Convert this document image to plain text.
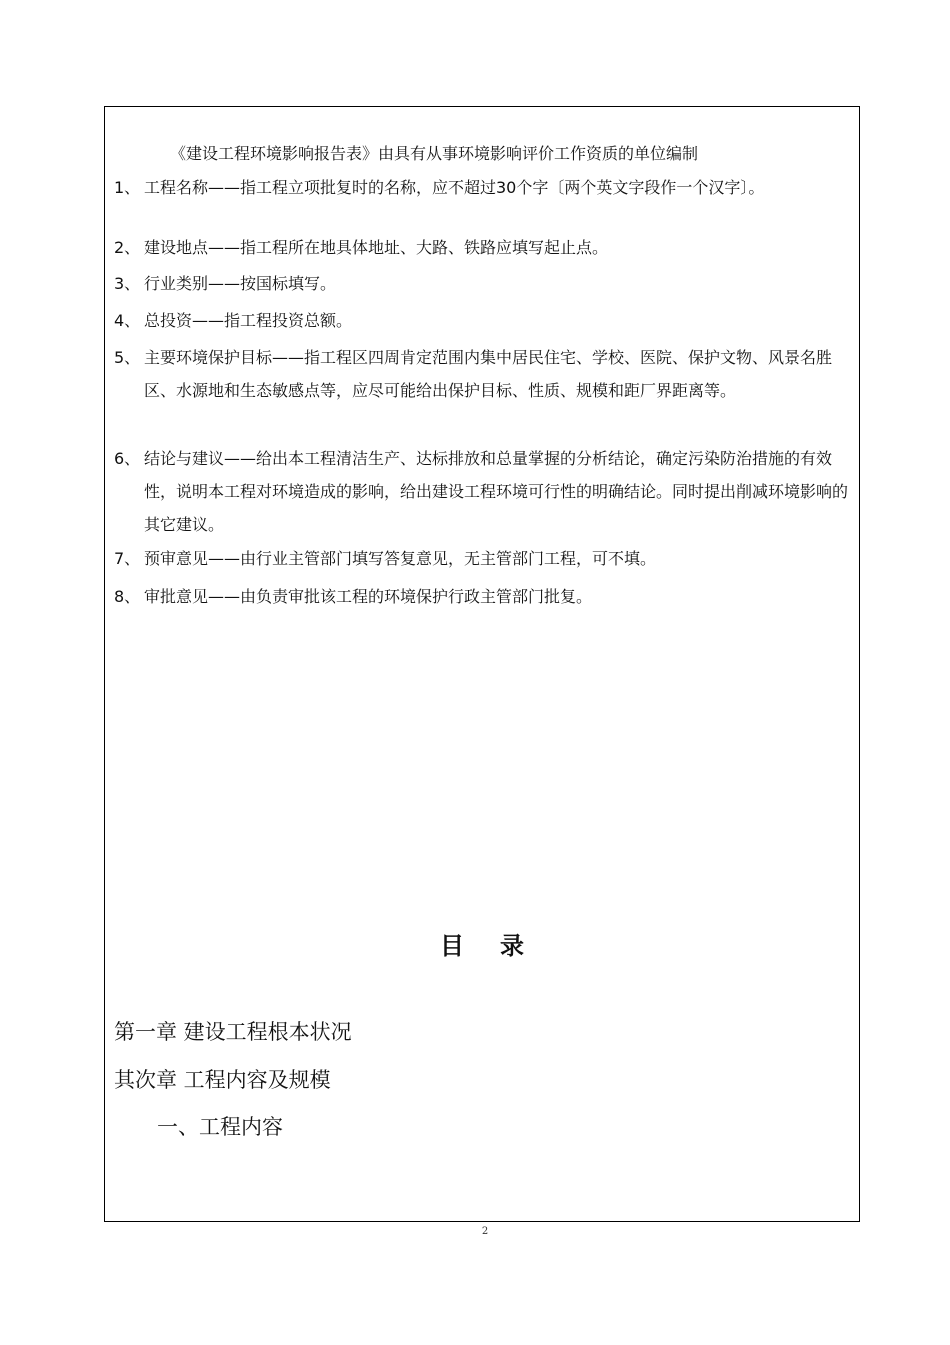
《建设工程环境影响报告表》由具有从事环境影响评价工作资质的单位编制
1、 工程名称——指工程立项批复时的名称，应不超过30个字〔两个英文字段作一个汉字〕。
2、 建设地点——指工程所在地具体地址、大路、铁路应填写起止点。
3、 行业类别——按国标填写。
4、 总投资——指工程投资总额。
5、 主要环境保护目标——指工程区四周肯定范围内集中居民住宅、学校、医院、保护文物、风景名胜区、水源地和生态敏感点等，应尽可能给出保护目标、性质、规模和距厂界距离等。
6、 结论与建议——给出本工程清洁生产、达标排放和总量掌握的分析结论，确定污染防治措施的有效性，说明本工程对环境造成的影响，给出建设工程环境可行性的明确结论。同时提出削减环境影响的其它建议。
7、 预审意见——由行业主管部门填写答复意见，无主管部门工程，可不填。
8、 审批意见——由负责审批该工程的环境保护行政主管部门批复。
目录
第一章 建设工程根本状况
其次章 工程内容及规模
一、工程内容
2
